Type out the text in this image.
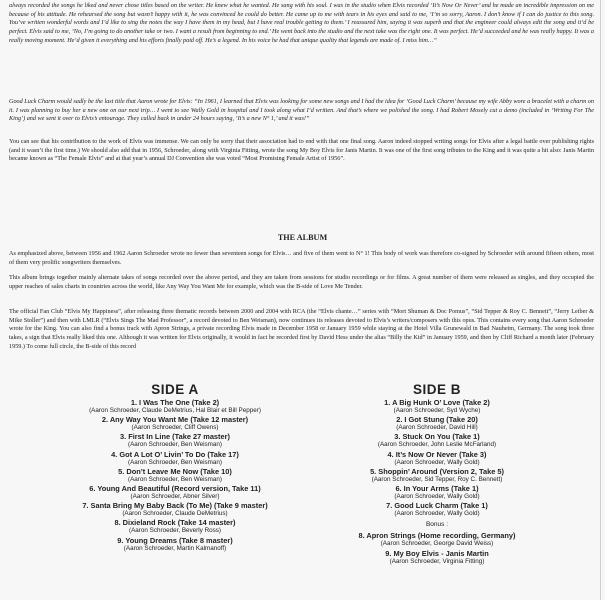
always recorded the songs he liked and never chose titles based on the writer. He knew what he wanted. He sang with his soul. I was in the studio when Elvis recorded ‘It’s Now Or Never’ and he made an incredible impression on me because of his attitude. He rehearsed the song but wasn’t happy with it, he was convinced he could do better. He came up to me with tears in his eyes and said to me, ‘I’m so sorry, Aaron. I don’t know if I can do justice to this song. You’ve written wonderful words and I’d like to sing the notes the way I have them in my head, but I have real trouble getting to them.’ I reassured him, saying it was superb and that the engineer could always edit the song and it’d be perfect. Elvis said to me, ‘No, I’m going to do another take or two. I want a result from beginning to end.’ He went back into the studio and the next take was the right one. It was perfect. He’d succeeded and he was really happy. It was a really moving moment. He’d given it everything and his efforts finally paid off. He’s a legend. In his voice he had that unique quality that legends are made of. I miss him…”
Good Luck Charm would sadly be the last title that Aaron wrote for Elvis: “In 1961, I learned that Elvis was looking for some new songs and I had the idea for ‘Good Luck Charm’ because my wife Abby wore a bracelet with a charm on it. I was planning to buy her a new one on our next trip… I went to see Wally Gold in hospital and I took along what I’d written. And that’s where we polished the song. I had Robert Mosely cut a demo (included in ‘Writing For The King’) and we sent it over to Elvis’s entourage. They called back in under 24 hours saying, ‘It’s a new N° 1,’ and it was!”
You can see that his contribution to the work of Elvis was immense. We can only be sorry that their association had to end with that one final song. Aaron indeed stopped writing songs for Elvis after a legal battle over publishing rights (and it wasn’t the first time.) We should also add that in 1956, Schroeder, along with Virginia Fitting, wrote the song My Boy Elvis for Janis Martin. It was one of the first song tributes to the King and it was quite a hit also: Janis Martin became known as “The Female Elvis” and at that year’s annual DJ Convention she was voted “Most Promising Female Artist of 1956”.
THE ALBUM
As emphasized above, between 1956 and 1962 Aaron Schroeder wrote no fewer than seventeen songs for Elvis… and five of them went to N° 1! This body of work was therefore co-signed by Schroeder with around fifteen others, most of them very prolific songwriters themselves.
This album brings together mainly alternate takes of songs recorded over the above period, and they are taken from sessions for studio recordings or for films. A great number of them were released as singles, and they occupied the upper reaches of sales charts in countries across the world, like Any Way You Want Me for example, which was the B-side of Love Me Tender.
The official Fan Club “Elvis My Happiness”, after releasing three thematic records between 2000 and 2004 with RCA (the “Elvis chante…” series with “Mort Shuman & Doc Pomus”, “Sid Tepper & Roy C. Bennett”, “Jerry Leiber & Mike Stoller”) and then with LMLR (“Elvis Sings The Mad Professor”, a record devoted to Ben Weisman), now continues its releases devoted to Elvis’s writers/composers with this opus. This contains every song that Aaron Schroeder wrote for the King. You can also find a bonus track with Apron Strings, a private recording Elvis made in December 1958 or January 1959 while staying at the Hotel Villa Grunewald in Bad Nauheim, Germany. The song took three takes, a sign that Elvis really liked this one. Although it was written for Elvis originally, it would in fact be recorded first by David Hess under the alias “Billy the Kid” in January 1959, and then by Cliff Richard a month later (February 1959.) To come full circle, the B-side of this record
SIDE A
1. I Was The One (Take 2)
(Aaron Schroeder, Claude DeMetrius, Hal Blair et Bill Pepper)
2. Any Way You Want Me (Take 12 master)
(Aaron Schroeder, Cliff Owens)
3. First In Line (Take 27 master)
(Aaron Schroeder, Ben Weisman)
4. Got A Lot O’ Livin’ To Do (Take 17)
(Aaron Schroeder, Ben Weisman)
5. Don’t Leave Me Now (Take 10)
(Aaron Schroeder, Ben Weisman)
6. Young And Beautiful (Record version, Take 11)
(Aaron Schroeder, Abner Silver)
7. Santa Bring My Baby Back (To Me) (Take 9 master)
(Aaron Schroeder, Claude DeMetrius)
8. Dixieland Rock (Take 14 master)
(Aaron Schroeder, Beverly Ross)
9. Young Dreams (Take 8 master)
(Aaron Schroeder, Martin Kalmanoff)
SIDE B
1. A Big Hunk O’ Love (Take 2)
(Aaron Schroeder, Syd Wyche)
2. I Got Stung (Take 20)
(Aaron Schroeder, David Hill)
3. Stuck On You (Take 1)
(Aaron Schroeder, John Leslie McFarland)
4. It’s Now Or Never (Take 3)
(Aaron Schroeder, Wally Gold)
5. Shoppin’ Around (Version 2, Take 5)
(Aaron Schroeder, Sid Tepper, Roy C. Bennett)
6. In Your Arms (Take 1)
(Aaron Schroeder, Wally Gold)
7. Good Luck Charm (Take 1)
(Aaron Schroeder, Wally Gold)
Bonus :
8. Apron Strings (Home recording, Germany)
(Aaron Schroeder, George David Weiss)
9. My Boy Elvis - Janis Martin
(Aaron Schroeder, Virginia Fitting)
